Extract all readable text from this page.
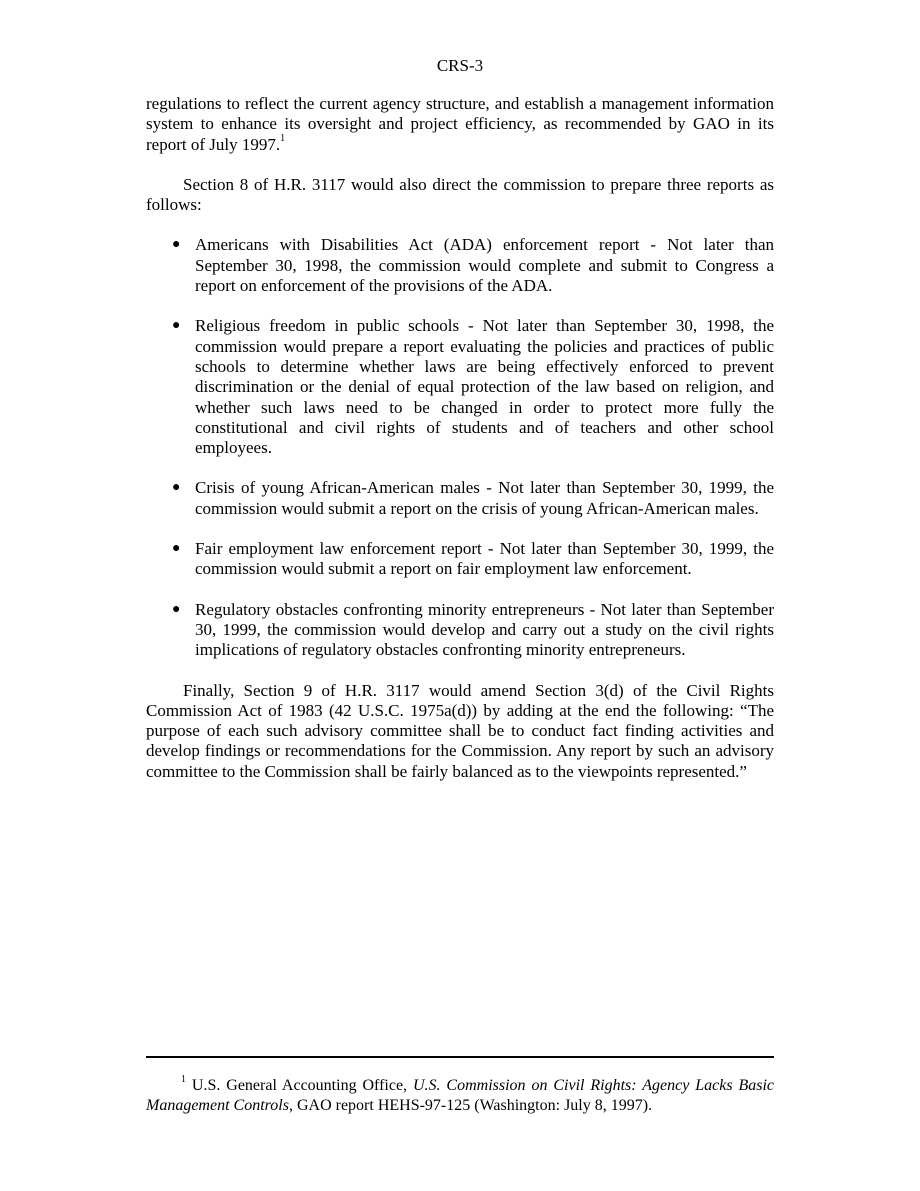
CRS-3

regulations to reflect the current agency structure, and establish a management information system to enhance its oversight and project efficiency, as recommended by GAO in its report of July 1997.$^1$

Section 8 of H.R. 3117 would also direct the commission to prepare three reports as follows:

● Americans with Disabilities Act (ADA) enforcement report - Not later than September 30, 1998, the commission would complete and submit to Congress a report on enforcement of the provisions of the ADA.
● Religious freedom in public schools - Not later than September 30, 1998, the commission would prepare a report evaluating the policies and practices of public schools to determine whether laws are being effectively enforced to prevent discrimination or the denial of equal protection of the law based on religion, and whether such laws need to be changed in order to protect more fully the constitutional and civil rights of students and of teachers and other school employees.
● Crisis of young African-American males - Not later than September 30, 1999, the commission would submit a report on the crisis of young African-American males.
● Fair employment law enforcement report - Not later than September 30, 1999, the commission would submit a report on fair employment law enforcement.
● Regulatory obstacles confronting minority entrepreneurs - Not later than September 30, 1999, the commission would develop and carry out a study on the civil rights implications of regulatory obstacles confronting minority entrepreneurs.

Finally, Section 9 of H.R. 3117 would amend Section 3(d) of the Civil Rights Commission Act of 1983 (42 U.S.C. 1975a(d)) by adding at the end the following: “The purpose of each such advisory committee shall be to conduct fact finding activities and develop findings or recommendations for the Commission. Any report by such an advisory committee to the Commission shall be fairly balanced as to the viewpoints represented.”

$^1$ U.S. General Accounting Office, U.S. Commission on Civil Rights: Agency Lacks Basic Management Controls, GAO report HEHS-97-125 (Washington: July 8, 1997).
